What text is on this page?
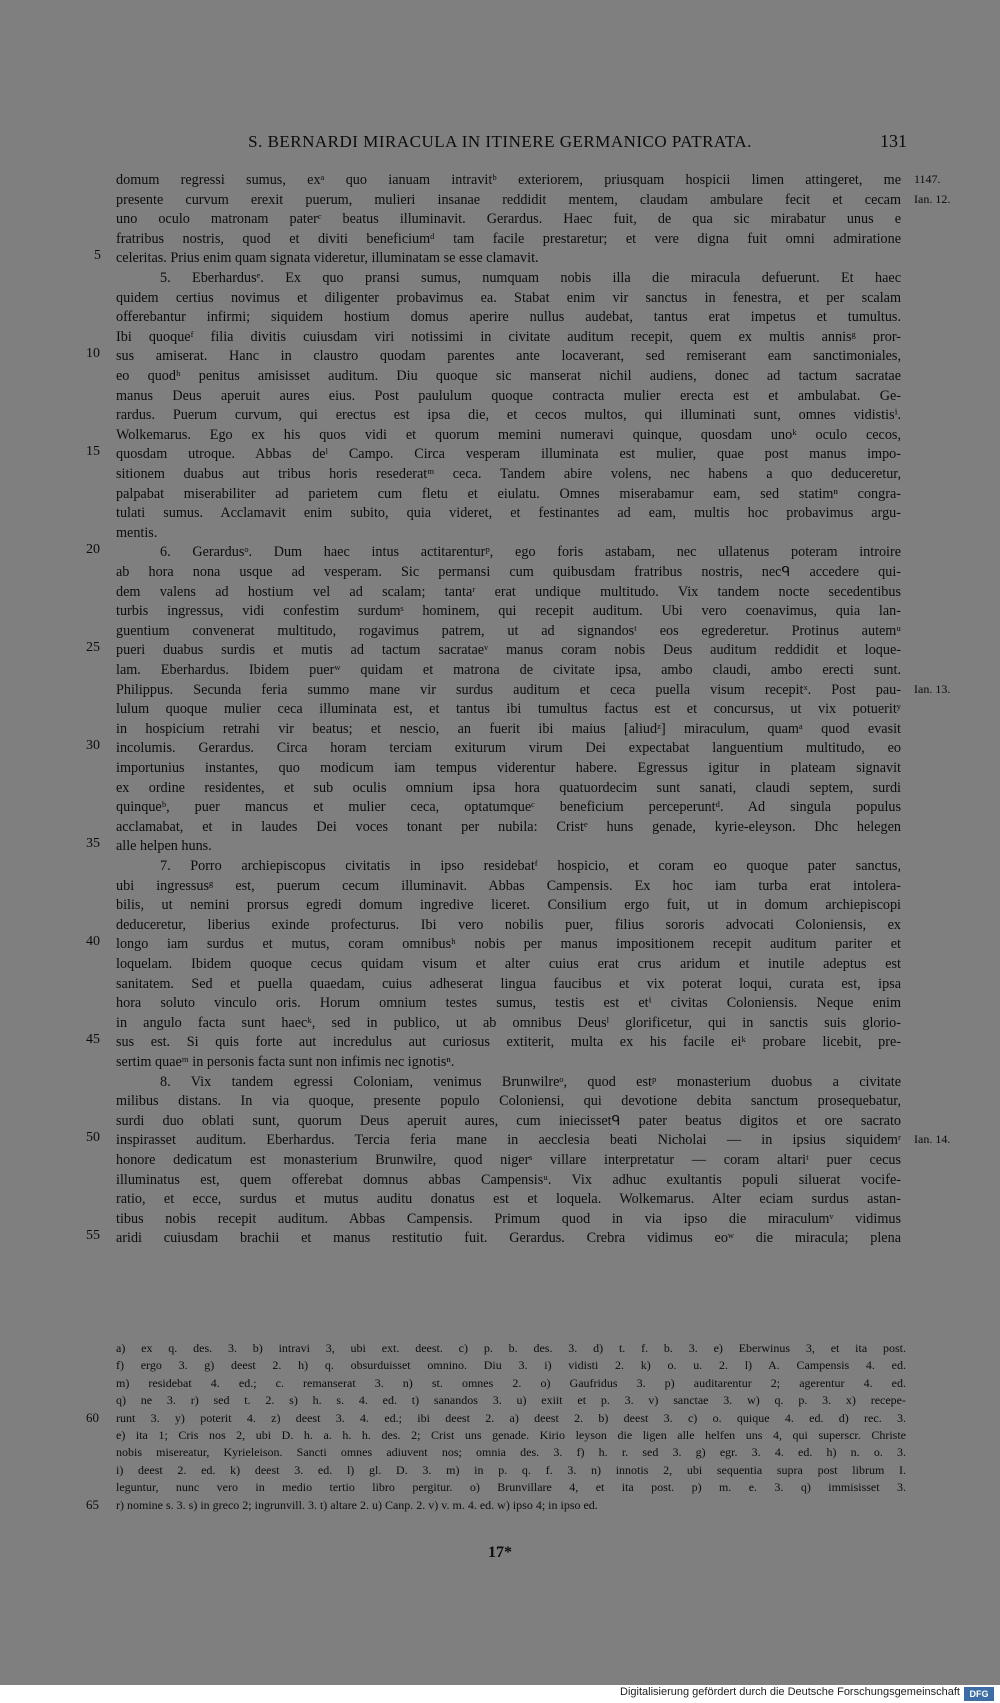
S. BERNARDI MIRACULA IN ITINERE GERMANICO PATRATA.	131
17*
Digitalisierung gefördert durch die Deutsche Forschungsgemeinschaft	DFG
domum regressi sumus, exᵃ quo ianuam intravitᵇ exteriorem, priusquam hospicii limen attingeret, me
presente curvum erexit puerum, mulieri insanae reddidit mentem, claudam ambulare fecit et cecam
uno oculo matronam paterᶜ beatus illuminavit. Gerardus. Haec fuit, de qua sic mirabatur unus e
fratribus nostris, quod et diviti beneficiumᵈ tam facile prestaretur; et vere digna fuit omni admiratione
celeritas. Prius enim quam signata videretur, illuminatam se esse clamavit.
5. Eberhardusᵉ. Ex quo pransi sumus, numquam nobis illa die miracula defuerunt. Et haec
quidem certius novimus et diligenter probavimus ea. Stabat enim vir sanctus in fenestra, et per scalam
offerebantur infirmi; siquidem hostium domus aperire nullus audebat, tantus erat impetus et tumultus.
Ibi quoqueᶠ filia divitis cuiusdam viri notissimi in civitate auditum recepit, quem ex multis annisᵍ pror-
sus amiserat. Hanc in claustro quodam parentes ante locaverant, sed remiserant eam sanctimoniales,
eo quodʰ penitus amisisset auditum. Diu quoque sic manserat nichil audiens, donec ad tactum sacratae
manus Deus aperuit aures eius. Post paululum quoque contracta mulier erecta est et ambulabat. Ge-
rardus. Puerum curvum, qui erectus est ipsa die, et cecos multos, qui illuminati sunt, omnes vidistisⁱ.
Wolkemarus. Ego ex his quos vidi et quorum memini numeravi quinque, quosdam unoᵏ oculo cecos,
quosdam utroque. Abbas deˡ Campo. Circa vesperam illuminata est mulier, quae post manus impo-
sitionem duabus aut tribus horis resederatᵐ ceca. Tandem abire volens, nec habens a quo deduceretur,
palpabat miserabiliter ad parietem cum fletu et eiulatu. Omnes miserabamur eam, sed statimⁿ congra-
tulati sumus. Acclamavit enim subito, quia videret, et festinantes ad eam, multis hoc probavimus argu-
mentis.
6. Gerardusᵒ. Dum haec intus actitarenturᵖ, ego foris astabam, nec ullatenus poteram introire
ab hora nona usque ad vesperam. Sic permansi cum quibusdam fratribus nostris, necᑫ accedere qui-
dem valens ad hostium vel ad scalam; tantaʳ erat undique multitudo. Vix tandem nocte secedentibus
turbis ingressus, vidi confestim surdumˢ hominem, qui recepit auditum. Ubi vero coenavimus, quia lan-
guentium convenerat multitudo, rogavimus patrem, ut ad signandosᵗ eos egrederetur. Protinus autemᵘ
pueri duabus surdis et mutis ad tactum sacrataeᵛ manus coram nobis Deus auditum reddidit et loque-
lam. Eberhardus. Ibidem puerʷ quidam et matrona de civitate ipsa, ambo claudi, ambo erecti sunt.
Philippus. Secunda feria summo mane vir surdus auditum et ceca puella visum recepitˣ. Post pau-
lulum quoque mulier ceca illuminata est, et tantus ibi tumultus factus est et concursus, ut vix potueritʸ
in hospicium retrahi vir beatus; et nescio, an fuerit ibi maius [aliudᶻ] miraculum, quamᵃ quod evasit
incolumis. Gerardus. Circa horam terciam exiturum virum Dei expectabat languentium multitudo, eo
importunius instantes, quo modicum iam tempus viderentur habere. Egressus igitur in plateam signavit
ex ordine residentes, et sub oculis omnium ipsa hora quatuordecim sunt sanati, claudi septem, surdi
quinqueᵇ, puer mancus et mulier ceca, optatumqueᶜ beneficium perceperuntᵈ. Ad singula populus
acclamabat, et in laudes Dei voces tonant per nubila: Cristᵉ huns genade, kyrie-eleyson. Dhc helegen
alle helpen huns.
7. Porro archiepiscopus civitatis in ipso residebatᶠ hospicio, et coram eo quoque pater sanctus,
ubi ingressusᵍ est, puerum cecum illuminavit. Abbas Campensis. Ex hoc iam turba erat intolera-
bilis, ut nemini prorsus egredi domum ingredive liceret. Consilium ergo fuit, ut in domum archiepiscopi
deduceretur, liberius exinde profecturus. Ibi vero nobilis puer, filius sororis advocati Coloniensis, ex
longo iam surdus et mutus, coram omnibusʰ nobis per manus impositionem recepit auditum pariter et
loquelam. Ibidem quoque cecus quidam visum et alter cuius erat crus aridum et inutile adeptus est
sanitatem. Sed et puella quaedam, cuius adheserat lingua faucibus et vix poterat loqui, curata est, ipsa
hora soluto vinculo oris. Horum omnium testes sumus, testis est etⁱ civitas Coloniensis. Neque enim
in angulo facta sunt haecᵏ, sed in publico, ut ab omnibus Deusˡ glorificetur, qui in sanctis suis glorio-
sus est. Si quis forte aut incredulus aut curiosus extiterit, multa ex his facile eiᵏ probare licebit, pre-
sertim quaeᵐ in personis facta sunt non infimis nec ignotisⁿ.
8. Vix tandem egressi Coloniam, venimus Brunwilreᵒ, quod estᵖ monasterium duobus a civitate
milibus distans. In via quoque, presente populo Coloniensi, qui devotione debita sanctum prosequebatur,
surdi duo oblati sunt, quorum Deus aperuit aures, cum iniecissetᑫ pater beatus digitos et ore sacrato
inspirasset auditum. Eberhardus. Tercia feria mane in aecclesia beati Nicholai — in ipsius siquidemʳ
honore dedicatum est monasterium Brunwilre, quod nigerˢ villare interpretatur — coram altariᵗ puer cecus
illuminatus est, quem offerebat domnus abbas Campensisᵘ. Vix adhuc exultantis populi siluerat vocife-
ratio, et ecce, surdus et mutus auditu donatus est et loquela. Wolkemarus. Alter eciam surdus astan-
tibus nobis recepit auditum. Abbas Campensis. Primum quod in via ipso die miraculumᵛ vidimus
aridi cuiusdam brachii et manus restitutio fuit. Gerardus. Crebra vidimus eoʷ die miracula; plena
5
10
15
20
25
30
35
40
45
50
55
1147.
Ian. 12.
Ian. 13.
Ian. 14.
a) ex q. des. 3. b) intravi 3, ubi ext. deest. c) p. b. des. 3. d) t. f. b. 3. e) Eberwinus 3, et ita post.
f) ergo 3. g) deest 2. h) q. obsurduisset omnino. Diu 3. i) vidisti 2. k) o. u. 2. l) A. Campensis 4. ed.
m) residebat 4. ed.; c. remanserat 3. n) st. omnes 2. o) Gaufridus 3. p) auditarentur 2; agerentur 4. ed.
q) ne 3. r) sed t. 2. s) h. s. 4. ed. t) sanandos 3. u) exiit et p. 3. v) sanctae 3. w) q. p. 3. x) recepe-
runt 3. y) poterit 4. z) deest 3. 4. ed.; ibi deest 2. a) deest 2. b) deest 3. c) o. quique 4. ed. d) rec. 3.
e) ita 1; Cris nos 2, ubi D. h. a. h. h. des. 2; Crist uns genade. Kirio leyson die ligen alle helfen uns 4, qui superscr. Christe
nobis misereatur, Kyrieleison. Sancti omnes adiuvent nos; omnia des. 3. f) h. r. sed 3. g) egr. 3. 4. ed. h) n. o. 3.
i) deest 2. ed. k) deest 3. ed. l) gl. D. 3. m) in p. q. f. 3. n) innotis 2, ubi sequentia supra post librum I.
leguntur, nunc vero in medio tertio libro pergitur. o) Brunvillare 4, et ita post. p) m. e. 3. q) immisisset 3.
r) nomine s. 3. s) in greco 2; ingrunvill. 3. t) altare 2. u) Canp. 2. v) v. m. 4. ed. w) ipso 4; in ipso ed.
60
65
